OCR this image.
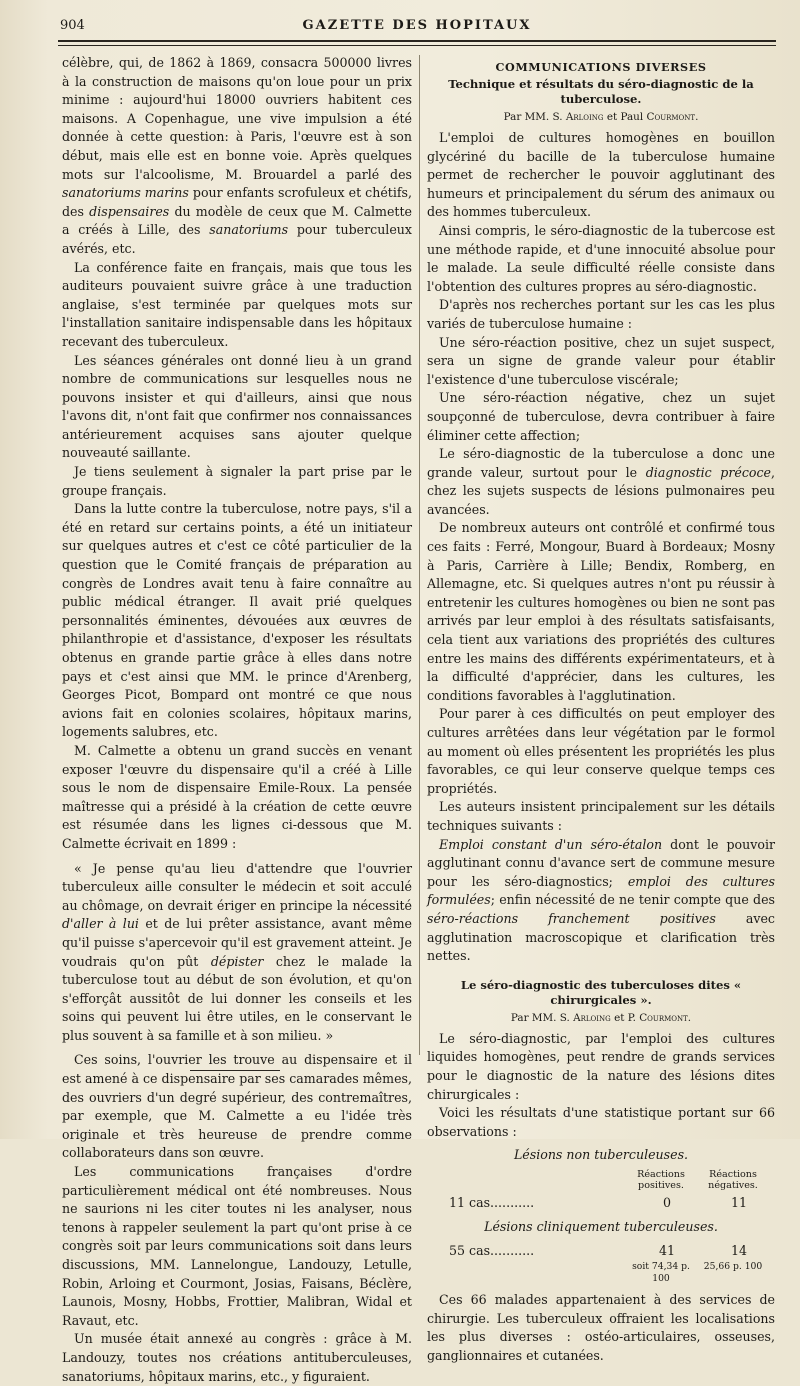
904	GAZETTE DES HOPITAUX

célèbre, qui, de 1862 à 1869, consacra 500000 livres à la construction de maisons qu'on loue pour un prix minime : aujourd'hui 18000 ouvriers habitent ces maisons. A Copenhague, une vive impulsion a été donnée à cette question: à Paris, l'œuvre est à son début, mais elle est en bonne voie. Après quelques mots sur l'alcoolisme, M. Brouardel a parlé des sanatoriums marins pour enfants scrofuleux et chétifs, des dispensaires du modèle de ceux que M. Calmette a créés à Lille, des sanatoriums pour tuberculeux avérés, etc.

La conférence faite en français, mais que tous les auditeurs pouvaient suivre grâce à une traduction anglaise, s'est terminée par quelques mots sur l'installation sanitaire indispensable dans les hôpitaux recevant des tuberculeux.

Les séances générales ont donné lieu à un grand nombre de communications sur lesquelles nous ne pouvons insister et qui d'ailleurs, ainsi que nous l'avons dit, n'ont fait que confirmer nos connaissances antérieurement acquises sans ajouter quelque nouveauté saillante.

Je tiens seulement à signaler la part prise par le groupe français.

Dans la lutte contre la tuberculose, notre pays, s'il a été en retard sur certains points, a été un initiateur sur quelques autres et c'est ce côté particulier de la question que le Comité français de préparation au congrès de Londres avait tenu à faire connaître au public médical étranger. Il avait prié quelques personnalités éminentes, dévouées aux œuvres de philanthropie et d'assistance, d'exposer les résultats obtenus en grande partie grâce à elles dans notre pays et c'est ainsi que MM. le prince d'Arenberg, Georges Picot, Bompard ont montré ce que nous avions fait en colonies scolaires, hôpitaux marins, logements salubres, etc.

M. Calmette a obtenu un grand succès en venant exposer l'œuvre du dispensaire qu'il a créé à Lille sous le nom de dispensaire Emile-Roux. La pensée maîtresse qui a présidé à la création de cette œuvre est résumée dans les lignes ci-dessous que M. Calmette écrivait en 1899 :

« Je pense qu'au lieu d'attendre que l'ouvrier tuberculeux aille consulter le médecin et soit acculé au chômage, on devrait ériger en principe la nécessité d'aller à lui et de lui prêter assistance, avant même qu'il puisse s'apercevoir qu'il est gravement atteint. Je voudrais qu'on pût dépister chez le malade la tuberculose tout au début de son évolution, et qu'on s'efforçât aussitôt de lui donner les conseils et les soins qui peuvent lui être utiles, en le conservant le plus souvent à sa famille et à son milieu. »

Ces soins, l'ouvrier les trouve au dispensaire et il est amené à ce dispensaire par ses camarades mêmes, des ouvriers d'un degré supérieur, des contremaîtres, par exemple, que M. Calmette a eu l'idée très originale et très heureuse de prendre comme collaborateurs dans son œuvre.

Les communications françaises d'ordre particulièrement médical ont été nombreuses. Nous ne saurions ni les citer toutes ni les analyser, nous tenons à rappeler seulement la part qu'ont prise à ce congrès soit par leurs communications soit dans leurs discussions, MM. Lannelongue, Landouzy, Letulle, Robin, Arloing et Courmont, Josias, Faisans, Béclère, Launois, Mosny, Hobbs, Frottier, Malibran, Widal et Ravaut, etc.

Un musée était annexé au congrès : grâce à M. Landouzy, toutes nos créations antituberculeuses, sanatoriums, hôpitaux marins, etc., y figuraient.

COMMUNICATIONS DIVERSES
Technique et résultats du séro-diagnostic de la tuberculose.
Par MM. S. Arloing et Paul Courmont.

L'emploi de cultures homogènes en bouillon glycériné du bacille de la tuberculose humaine permet de rechercher le pouvoir agglutinant des humeurs et principalement du sérum des animaux ou des hommes tuberculeux.

Ainsi compris, le séro-diagnostic de la tubercose est une méthode rapide, et d'une innocuité absolue pour le malade. La seule difficulté réelle consiste dans l'obtention des cultures propres au séro-diagnostic.

D'après nos recherches portant sur les cas les plus variés de tuberculose humaine :

Une séro-réaction positive, chez un sujet suspect, sera un signe de grande valeur pour établir l'existence d'une tuberculose viscérale;

Une séro-réaction négative, chez un sujet soupçonné de tuberculose, devra contribuer à faire éliminer cette affection;

Le séro-diagnostic de la tuberculose a donc une grande valeur, surtout pour le diagnostic précoce, chez les sujets suspects de lésions pulmonaires peu avancées.

De nombreux auteurs ont contrôlé et confirmé tous ces faits : Ferré, Mongour, Buard à Bordeaux; Mosny à Paris, Carrière à Lille; Bendix, Romberg, en Allemagne, etc. Si quelques autres n'ont pu réussir à entretenir les cultures homogènes ou bien ne sont pas arrivés par leur emploi à des résultats satisfaisants, cela tient aux variations des propriétés des cultures entre les mains des différents expérimentateurs, et à la difficulté d'apprécier, dans les cultures, les conditions favorables à l'agglutination.

Pour parer à ces difficultés on peut employer des cultures arrêtées dans leur végétation par le formol au moment où elles présentent les propriétés les plus favorables, ce qui leur conserve quelque temps ces propriétés.

Les auteurs insistent principalement sur les détails techniques suivants :

Emploi constant d'un séro-étalon dont le pouvoir agglutinant connu d'avance sert de commune mesure pour les séro-diagnostics; emploi des cultures formulées; enfin nécessité de ne tenir compte que des séro-réactions franchement positives avec agglutination macroscopique et clarification très nettes.

Le séro-diagnostic des tuberculoses dites « chirurgicales ».
Par MM. S. Arloing et P. Courmont.

Le séro-diagnostic, par l'emploi des cultures liquides homogènes, peut rendre de grands services pour le diagnostic de la nature des lésions dites chirurgicales :

Voici les résultats d'une statistique portant sur 66 observations :

Lésions non tuberculeuses.
Réactions positives.
Réactions négatives.
11 cas...........	0	11
Lésions cliniquement tuberculeuses.
55 cas...........	41	14
soit 74,34 p. 100
25,66 p. 100

Ces 66 malades appartenaient à des services de chirurgie. Les tuberculeux offraient les localisations les plus diverses : ostéo-articulaires, osseuses, ganglionnaires et cutanées.
